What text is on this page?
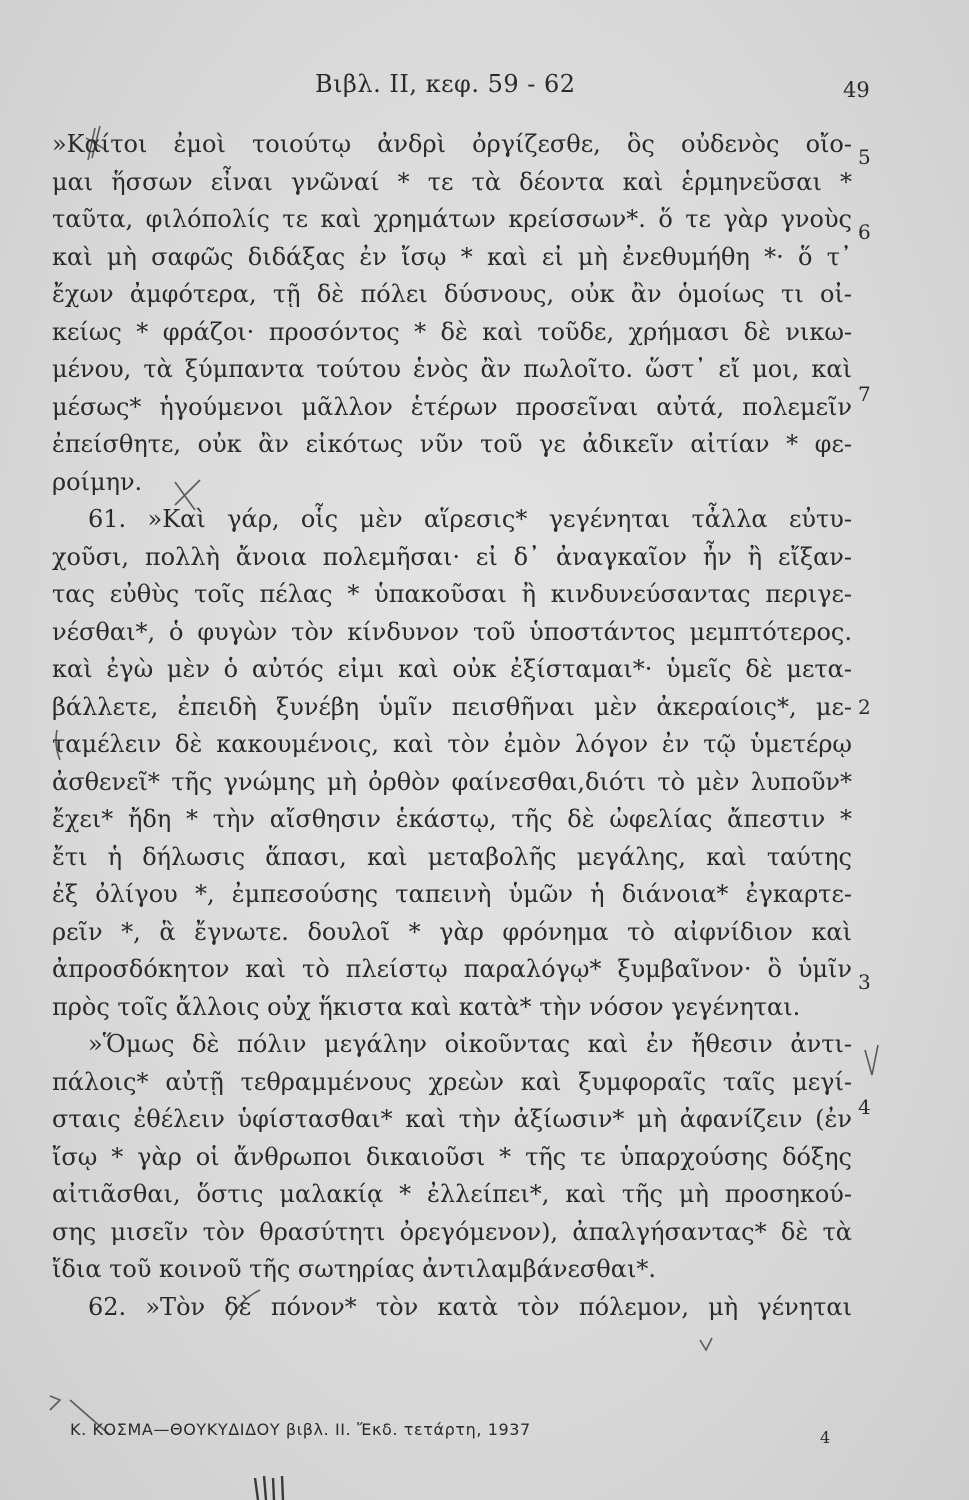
Βιβλ. ΙΙ, κεφ. 59 - 62	49
»Καίτοι ἐμοὶ τοιούτῳ ἀνδρὶ ὀργίζεσθε, ὃς οὐδενὸς οἴο-
μαι ἥσσων εἶναι γνῶναί * τε τὰ δέοντα καὶ ἑρμηνεῦσαι *
ταῦτα, φιλόπολίς τε καὶ χρημάτων κρείσσων*. ὅ τε γὰρ γνοὺς
καὶ μὴ σαφῶς διδάξας ἐν ἴσῳ * καὶ εἰ μὴ ἐνεθυμήθη *· ὅ τ᾿
ἔχων ἀμφότερα, τῇ δὲ πόλει δύσνους, οὐκ ἂν ὁμοίως τι οἰ-
κείως * φράζοι· προσόντος * δὲ καὶ τοῦδε, χρήμασι δὲ νικω-
μένου, τὰ ξύμπαντα τούτου ἑνὸς ἂν πωλοῖτο. ὥστ᾿ εἴ μοι, καὶ
μέσως* ἡγούμενοι μᾶλλον ἑτέρων προσεῖναι αὐτά, πολεμεῖν
ἐπείσθητε, οὐκ ἂν εἰκότως νῦν τοῦ γε ἀδικεῖν αἰτίαν * φε-
ροίμην.
61. »Καὶ γάρ, οἷς μὲν αἵρεσις* γεγένηται τἆλλα εὐτυ-
χοῦσι, πολλὴ ἄνοια πολεμῆσαι· εἰ δ᾿ ἀναγκαῖον ἦν ἢ εἴξαν-
τας εὐθὺς τοῖς πέλας * ὑπακοῦσαι ἢ κινδυνεύσαντας περιγε-
νέσθαι*, ὁ φυγὼν τὸν κίνδυνον τοῦ ὑποστάντος μεμπτότερος.
καὶ ἐγὼ μὲν ὁ αὐτός εἰμι καὶ οὐκ ἐξίσταμαι*· ὑμεῖς δὲ μετα-
βάλλετε, ἐπειδὴ ξυνέβη ὑμῖν πεισθῆναι μὲν ἀκεραίοις*, με-
ταμέλειν δὲ κακουμένοις, καὶ τὸν ἐμὸν λόγον ἐν τῷ ὑμετέρῳ
ἀσθενεῖ* τῆς γνώμης μὴ ὀρθὸν φαίνεσθαι,διότι τὸ μὲν λυποῦν*
ἔχει* ἤδη * τὴν αἴσθησιν ἑκάστῳ, τῆς δὲ ὠφελίας ἄπεστιν *
ἔτι ἡ δήλωσις ἅπασι, καὶ μεταβολῆς μεγάλης, καὶ ταύτης
ἐξ ὀλίγου *, ἐμπεσούσης ταπεινὴ ὑμῶν ἡ διάνοια* ἐγκαρτε-
ρεῖν *, ἃ ἔγνωτε. δουλοῖ * γὰρ φρόνημα τὸ αἰφνίδιον καὶ
ἀπροσδόκητον καὶ τὸ πλείστῳ παραλόγῳ* ξυμβαῖνον· ὃ ὑμῖν
πρὸς τοῖς ἄλλοις οὐχ ἥκιστα καὶ κατὰ* τὴν νόσον γεγένηται.
»Ὅμως δὲ πόλιν μεγάλην οἰκοῦντας καὶ ἐν ἤθεσιν ἀντι-
πάλοις* αὐτῇ τεθραμμένους χρεὼν καὶ ξυμφοραῖς ταῖς μεγί-
σταις ἐθέλειν ὑφίστασθαι* καὶ τὴν ἀξίωσιν* μὴ ἀφανίζειν (ἐν
ἴσῳ * γὰρ οἱ ἄνθρωποι δικαιοῦσι * τῆς τε ὑπαρχούσης δόξης
αἰτιᾶσθαι, ὅστις μαλακίᾳ * ἐλλείπει*, καὶ τῆς μὴ προσηκού-
σης μισεῖν τὸν θρασύτητι ὀρεγόμενον), ἀπαλγήσαντας* δὲ τὰ
ἴδια τοῦ κοινοῦ τῆς σωτηρίας ἀντιλαμβάνεσθαι*.
62. »Τὸν δὲ πόνον* τὸν κατὰ τὸν πόλεμον, μὴ γένηται
5
6
7
2
3
4
Κ. ΚΟΣΜΑ—ΘΟΥΚΥΔΙΔΟΥ βιβλ. ΙΙ. Ἔκδ. τετάρτη, 1937	4
